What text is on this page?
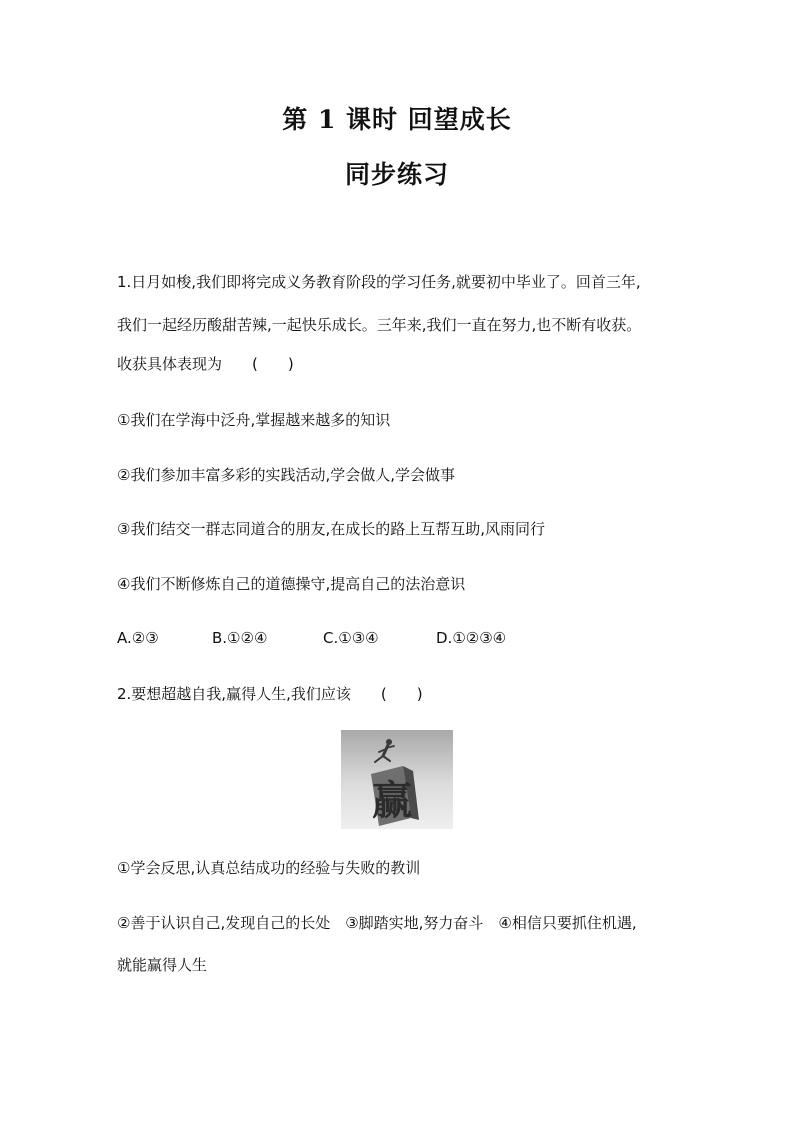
第 1 课时 回望成长
同步练习
1.日月如梭,我们即将完成义务教育阶段的学习任务,就要初中毕业了。回首三年,
我们一起经历酸甜苦辣,一起快乐成长。三年来,我们一直在努力,也不断有收获。
收获具体表现为　　(　　)
①我们在学海中泛舟,掌握越来越多的知识
②我们参加丰富多彩的实践活动,学会做人,学会做事
③我们结交一群志同道合的朋友,在成长的路上互帮互助,风雨同行
④我们不断修炼自己的道德操守,提高自己的法治意识
A.②③	B.①②④	C.①③④	D.①②③④
2.要想超越自我,赢得人生,我们应该　　(　　)
赢
①学会反思,认真总结成功的经验与失败的教训
②善于认识自己,发现自己的长处　③脚踏实地,努力奋斗　④相信只要抓住机遇,
就能赢得人生
